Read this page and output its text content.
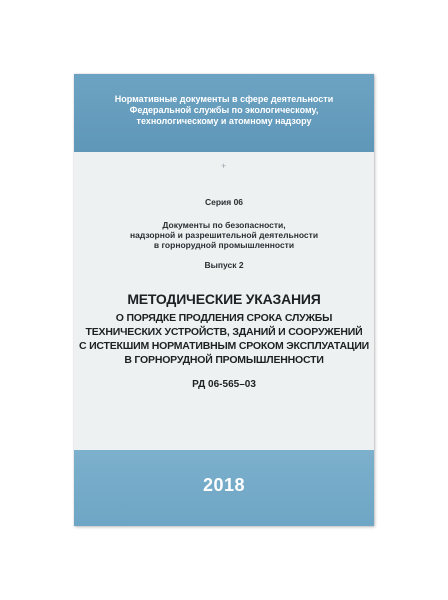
Нормативные документы в сфере деятельности
Федеральной службы по экологическому,
технологическому и атомному надзору
+
Серия 06
Документы по безопасности,
надзорной и разрешительной деятельности
в горнорудной промышленности
Выпуск 2
МЕТОДИЧЕСКИЕ УКАЗАНИЯ
О ПОРЯДКЕ ПРОДЛЕНИЯ СРОКА СЛУЖБЫ
ТЕХНИЧЕСКИХ УСТРОЙСТВ, ЗДАНИЙ И СООРУЖЕНИЙ
С ИСТЕКШИМ НОРМАТИВНЫМ СРОКОМ ЭКСПЛУАТАЦИИ
В ГОРНОРУДНОЙ ПРОМЫШЛЕННОСТИ
РД 06-565–03
2018
